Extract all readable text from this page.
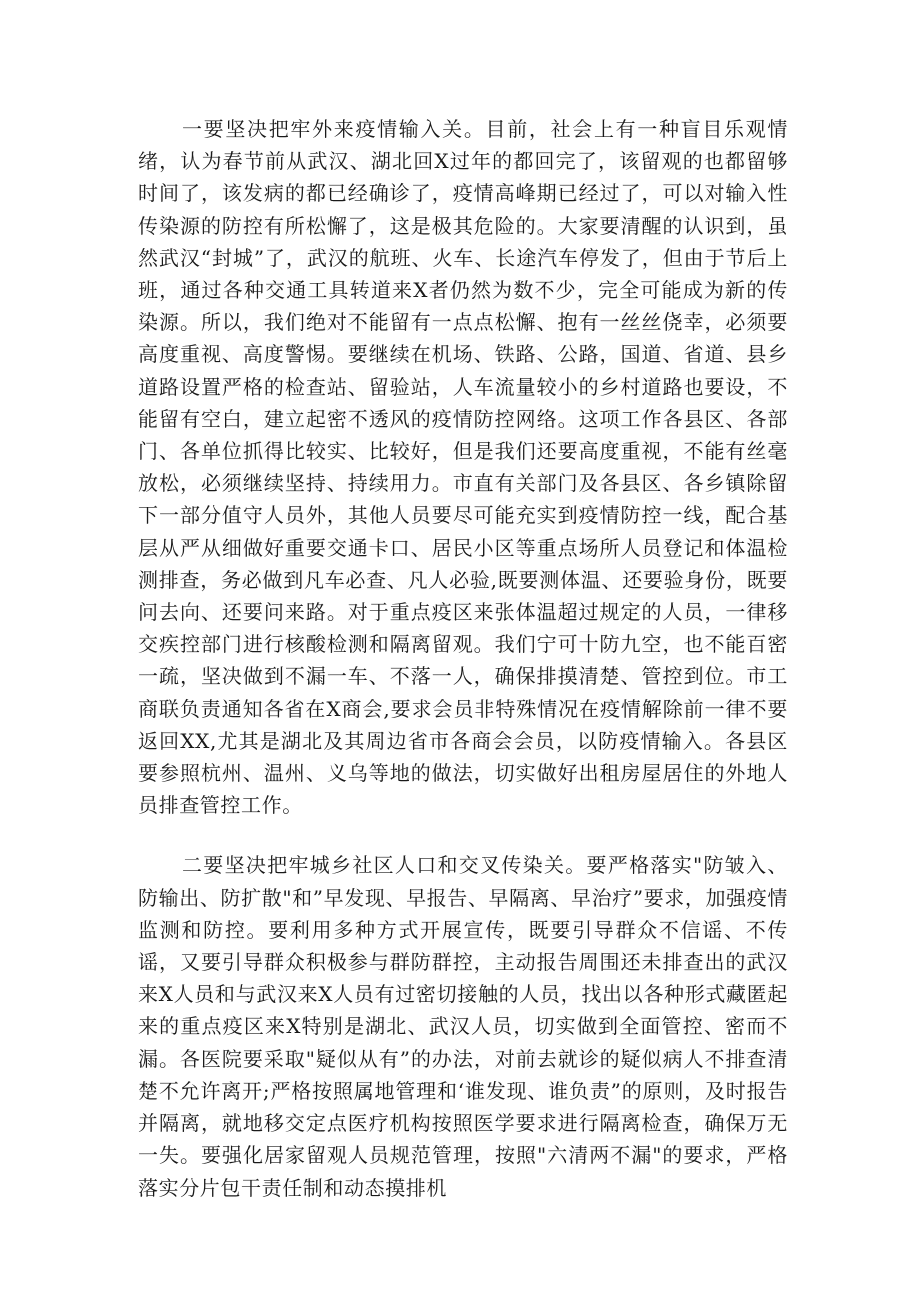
一要坚决把牢外来疫情输入关。目前，社会上有一种盲目乐观情绪，认为春节前从武汉、湖北回X过年的都回完了，该留观的也都留够时间了，该发病的都已经确诊了，疫情高峰期已经过了，可以对输入性传染源的防控有所松懈了，这是极其危险的。大家要清醒的认识到，虽然武汉“封城”了，武汉的航班、火车、长途汽车停发了，但由于节后上班，通过各种交通工具转道来X者仍然为数不少，完全可能成为新的传染源。所以，我们绝对不能留有一点点松懈、抱有一丝丝侥幸，必须要高度重视、高度警惕。要继续在机场、铁路、公路，国道、省道、县乡道路设置严格的检查站、留验站，人车流量较小的乡村道路也要设，不能留有空白，建立起密不透风的疫情防控网络。这项工作各县区、各部门、各单位抓得比较实、比较好，但是我们还要高度重视，不能有丝毫放松，必须继续坚持、持续用力。市直有关部门及各县区、各乡镇除留下一部分值守人员外，其他人员要尽可能充实到疫情防控一线，配合基层从严从细做好重要交通卡口、居民小区等重点场所人员登记和体温检测排查，务必做到凡车必查、凡人必验,既要测体温、还要验身份，既要问去向、还要问来路。对于重点疫区来张体温超过规定的人员，一律移交疾控部门进行核酸检测和隔离留观。我们宁可十防九空，也不能百密一疏，坚决做到不漏一车、不落一人，确保排摸清楚、管控到位。市工商联负责通知各省在X商会,要求会员非特殊情况在疫情解除前一律不要返回XX,尤其是湖北及其周边省市各商会会员，以防疫情输入。各县区要参照杭州、温州、义乌等地的做法，切实做好出租房屋居住的外地人员排查管控工作。

二要坚决把牢城乡社区人口和交叉传染关。要严格落实"防皱入、防输出、防扩散"和”早发现、早报告、早隔离、早治疗”要求，加强疫情监测和防控。要利用多种方式开展宣传，既要引导群众不信谣、不传谣，又要引导群众积极参与群防群控，主动报告周围还未排查出的武汉来X人员和与武汉来X人员有过密切接触的人员，找出以各种形式藏匿起来的重点疫区来X特别是湖北、武汉人员，切实做到全面管控、密而不漏。各医院要采取"疑似从有”的办法，对前去就诊的疑似病人不排查清楚不允许离开;严格按照属地管理和‘谁发现、谁负责”的原则，及时报告并隔离，就地移交定点医疗机构按照医学要求进行隔离检查，确保万无一失。要强化居家留观人员规范管理，按照"六清两不漏"的要求，严格落实分片包干责任制和动态摸排机
